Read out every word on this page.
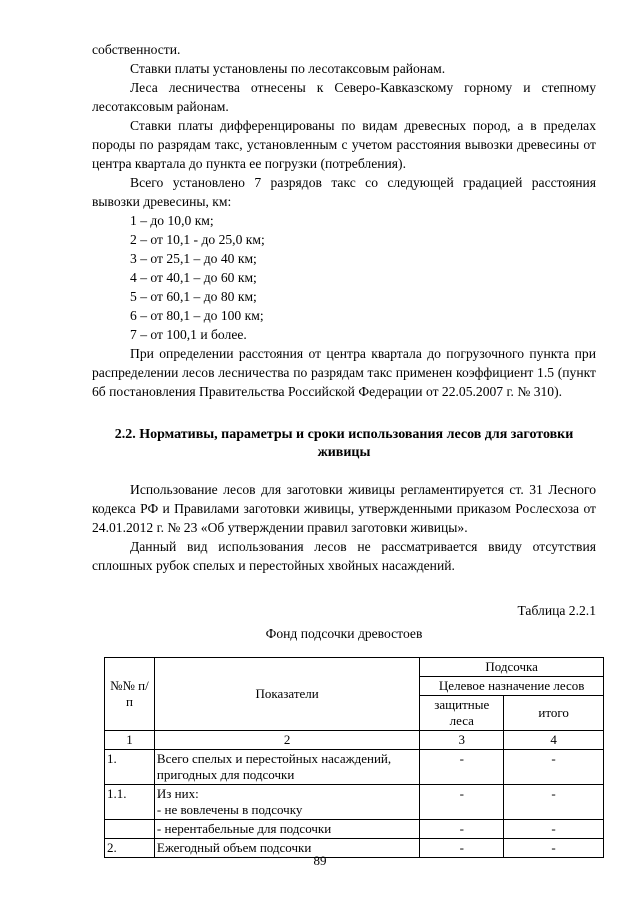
собственности.

Ставки платы установлены по лесотаксовым районам.

Леса лесничества отнесены к Северо-Кавказскому горному и степному лесотаксовым районам.

Ставки платы дифференцированы по видам древесных пород, а в пределах породы по разрядам такс, установленным с учетом расстояния вывозки древесины от центра квартала до пункта ее погрузки (потребления).

Всего установлено 7 разрядов такс со следующей градацией расстояния вывозки древесины, км:

1 – до 10,0 км;

2 – от 10,1 - до 25,0 км;

3 – от 25,1 – до 40 км;

4 – от 40,1 – до 60 км;

5 – от 60,1 – до 80 км;

6 – от 80,1 – до 100 км;

7 – от 100,1 и более.

При определении расстояния от центра квартала до погрузочного пункта при распределении лесов лесничества по разрядам такс применен коэффициент 1.5 (пункт 6б постановления Правительства Российской Федерации от 22.05.2007 г. № 310).

2.2. Нормативы, параметры и сроки использования лесов для заготовки живицы

Использование лесов для заготовки живицы регламентируется ст. 31 Лесного кодекса РФ и Правилами заготовки живицы, утвержденными приказом Рослесхоза от 24.01.2012 г. № 23 «Об утверждении правил заготовки живицы».

Данный вид использования лесов не рассматривается ввиду отсутствия сплошных рубок спелых и перестойных хвойных насаждений.

Таблица 2.2.1

Фонд подсочки древостоев

№№ п/п	Показатели	Подсочка	
		Целевое назначение лесов	
		защитные леса	итого
1	2	3	4
1.	Всего спелых и перестойных насаждений, пригодных для подсочки	-	-
1.1.	Из них:
- не вовлечены в подсочку	-	-
	- нерентабельные для подсочки	-	-
2.	Ежегодный объем подсочки	-	-
89
